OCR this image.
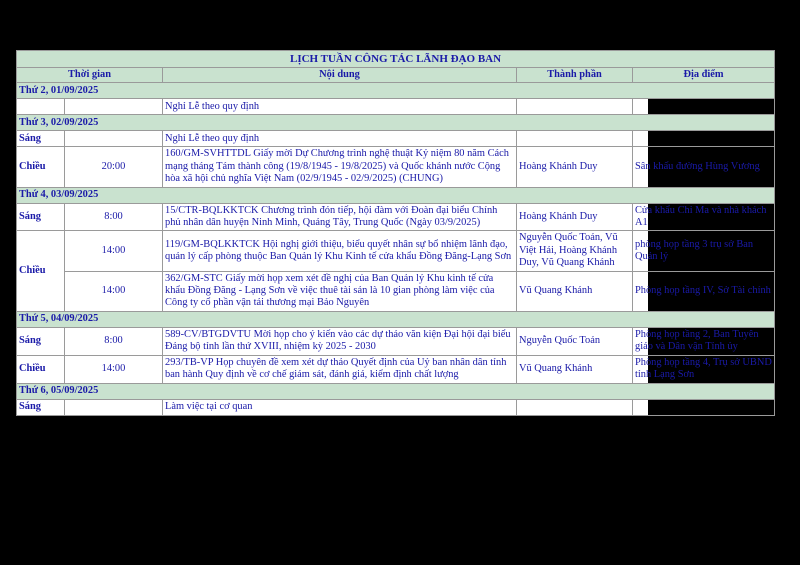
LỊCH TUẦN CÔNG TÁC LÃNH ĐẠO BAN				
Thời gian		Nội dung	Thành phần	Địa điểm
Thứ 2, 01/09/2025				
		Nghỉ Lễ theo quy định		
Thứ 3, 02/09/2025				
Sáng		Nghỉ Lễ theo quy định		
Chiều	20:00	160/GM-SVHTTDL Giấy mời Dự Chương trình nghệ thuật Kỷ niệm 80 năm Cách mạng tháng Tám thành công (19/8/1945 - 19/8/2025) và Quốc khánh nước Cộng hòa xã hội chủ nghĩa Việt Nam (02/9/1945 - 02/9/2025) (CHUNG)	Hoàng Khánh Duy	Sân khấu đường Hùng Vương
Thứ 4, 03/09/2025				
Sáng	8:00	15/CTR-BQLKKTCK Chương trình đón tiếp, hội đàm với Đoàn đại biểu Chính phủ nhân dân huyện Ninh Minh, Quảng Tây, Trung Quốc (Ngày 03/9/2025)	Hoàng Khánh Duy	Cửa khẩu Chi Ma và nhà khách A1
Chiều	14:00	119/GM-BQLKKTCK Hội nghị giới thiệu, biểu quyết nhân sự bổ nhiệm lãnh đạo, quản lý cấp phòng thuộc Ban Quản lý Khu Kinh tế cửa khẩu Đồng Đăng-Lạng Sơn	Nguyễn Quốc Toản, Vũ Việt Hải, Hoàng Khánh Duy, Vũ Quang Khánh	phòng họp tầng 3 trụ sở Ban Quản lý
	14:00	362/GM-STC Giấy mời họp xem xét đề nghị của Ban Quản lý Khu kinh tế cửa khẩu Đồng Đăng - Lạng Sơn về việc thuê tài sản là 10 gian phòng làm việc của Công ty cổ phần vận tải thương mại Bảo Nguyên	Vũ Quang Khánh	Phòng họp tầng IV, Sở Tài chính
Thứ 5, 04/09/2025				
Sáng	8:00	589-CV/BTGDVTU Mời họp cho ý kiến vào các dự thảo văn kiện Đại hội đại biểu Đảng bộ tỉnh lần thứ XVIII, nhiệm kỳ 2025 - 2030	Nguyễn Quốc Toản	Phòng họp tầng 2, Ban Tuyên giáo và Dân vận Tỉnh ủy
Chiều	14:00	293/TB-VP Họp chuyên đề xem xét dự thảo Quyết định của Uỷ ban nhân dân tỉnh ban hành Quy định về cơ chế giám sát, đánh giá, kiểm định chất lượng	Vũ Quang Khánh	Phòng họp tầng 4, Trụ sở UBND tỉnh Lạng Sơn
Thứ 6, 05/09/2025				
Sáng		Làm việc tại cơ quan		
